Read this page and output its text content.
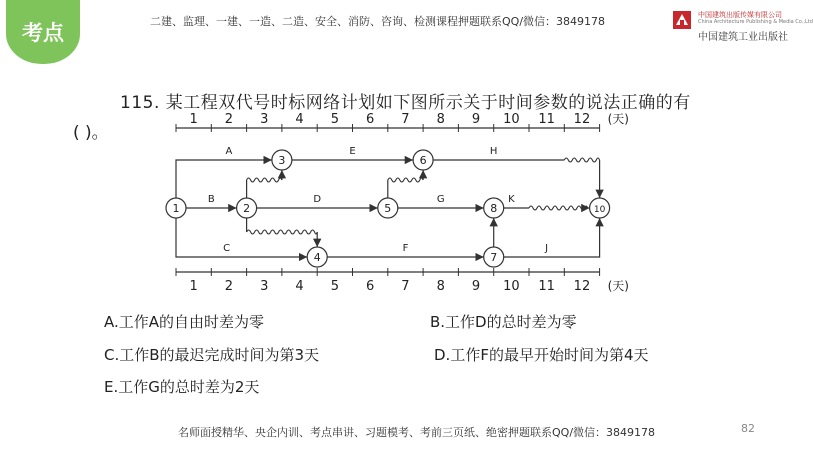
考点	二建、监理、一建、一造、二造、安全、消防、咨询、检测课程押题联系QQ/微信：3849178	中国建筑出版传媒有限公司
China Architecture Publishing & Media Co.,Ltd
中国建筑工业出版社
115. 某工程双代号时标网络计划如下图所示关于时间参数的说法正确的有
( )。
1 2 3 4 5 6 7 8 9 10 11 12 (天)
1 2 3 4 5 6 7 8 9 10 11 12 (天)
A
B
C
D
E
F
G
H
J
K
1	2
3
4
5
6
7
8	10
A.工作A的自由时差为零	B.工作D的总时差为零
C.工作B的最迟完成时间为第3天	D.工作F的最早开始时间为第4天
E.工作G的总时差为2天
名师面授精华、央企内训、考点串讲、习题模考、考前三页纸、绝密押题联系QQ/微信：3849178	82
